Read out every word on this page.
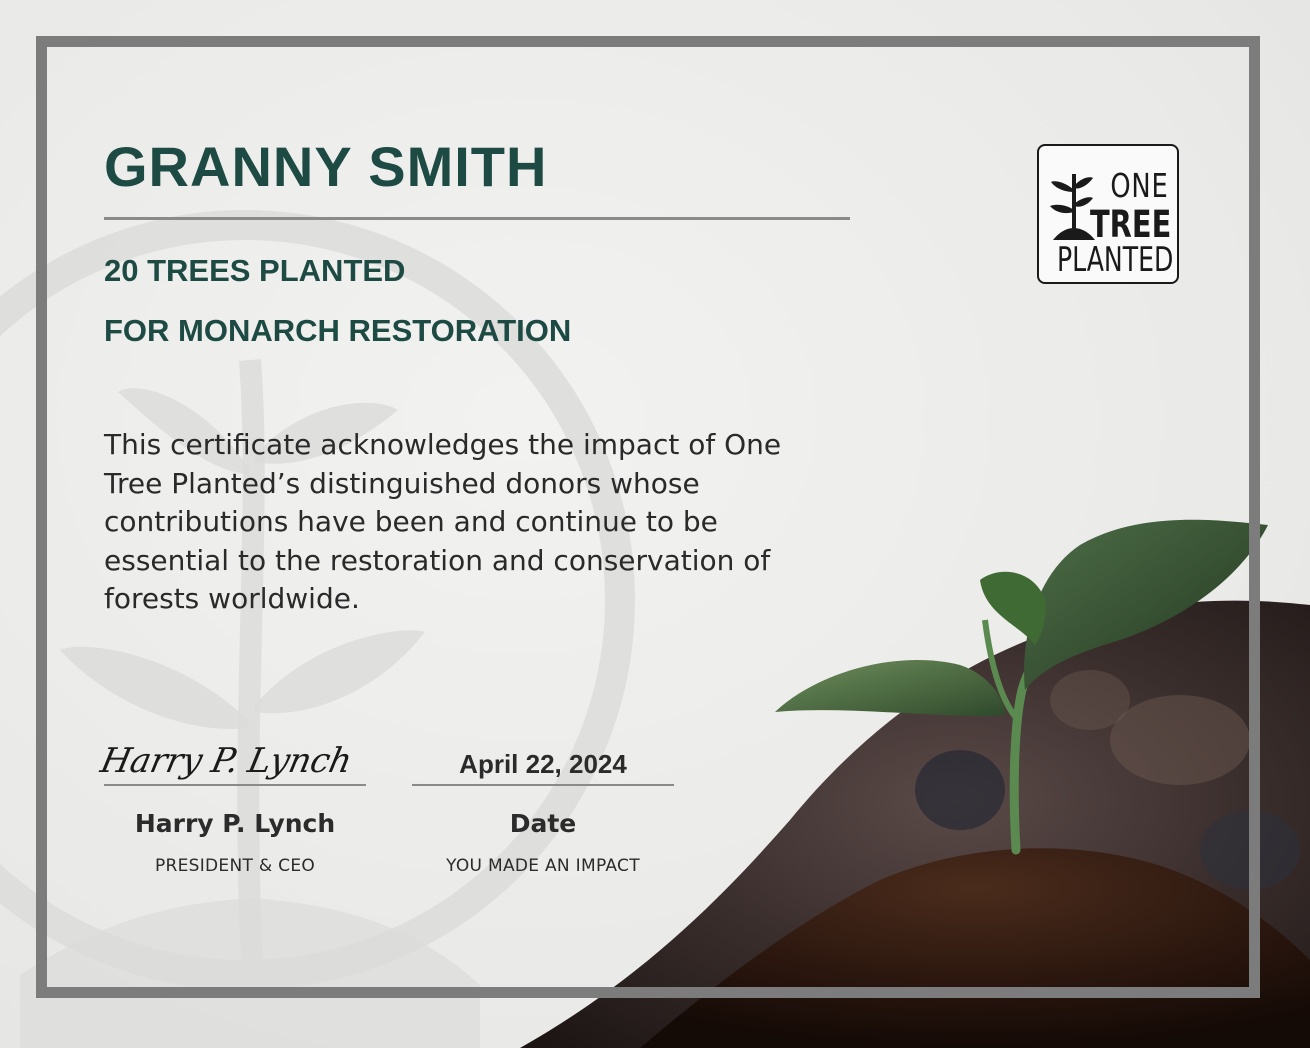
GRANNY SMITH
20 TREES PLANTED
FOR MONARCH RESTORATION

This certificate acknowledges the impact of One Tree Planted’s distinguished donors whose contributions have been and continue to be essential to the restoration and conservation of forests worldwide.

Harry P. Lynch
Harry P. Lynch
PRESIDENT & CEO
April 22, 2024
Date
YOU MADE AN IMPACT
ONE
TREE
PLANTED
